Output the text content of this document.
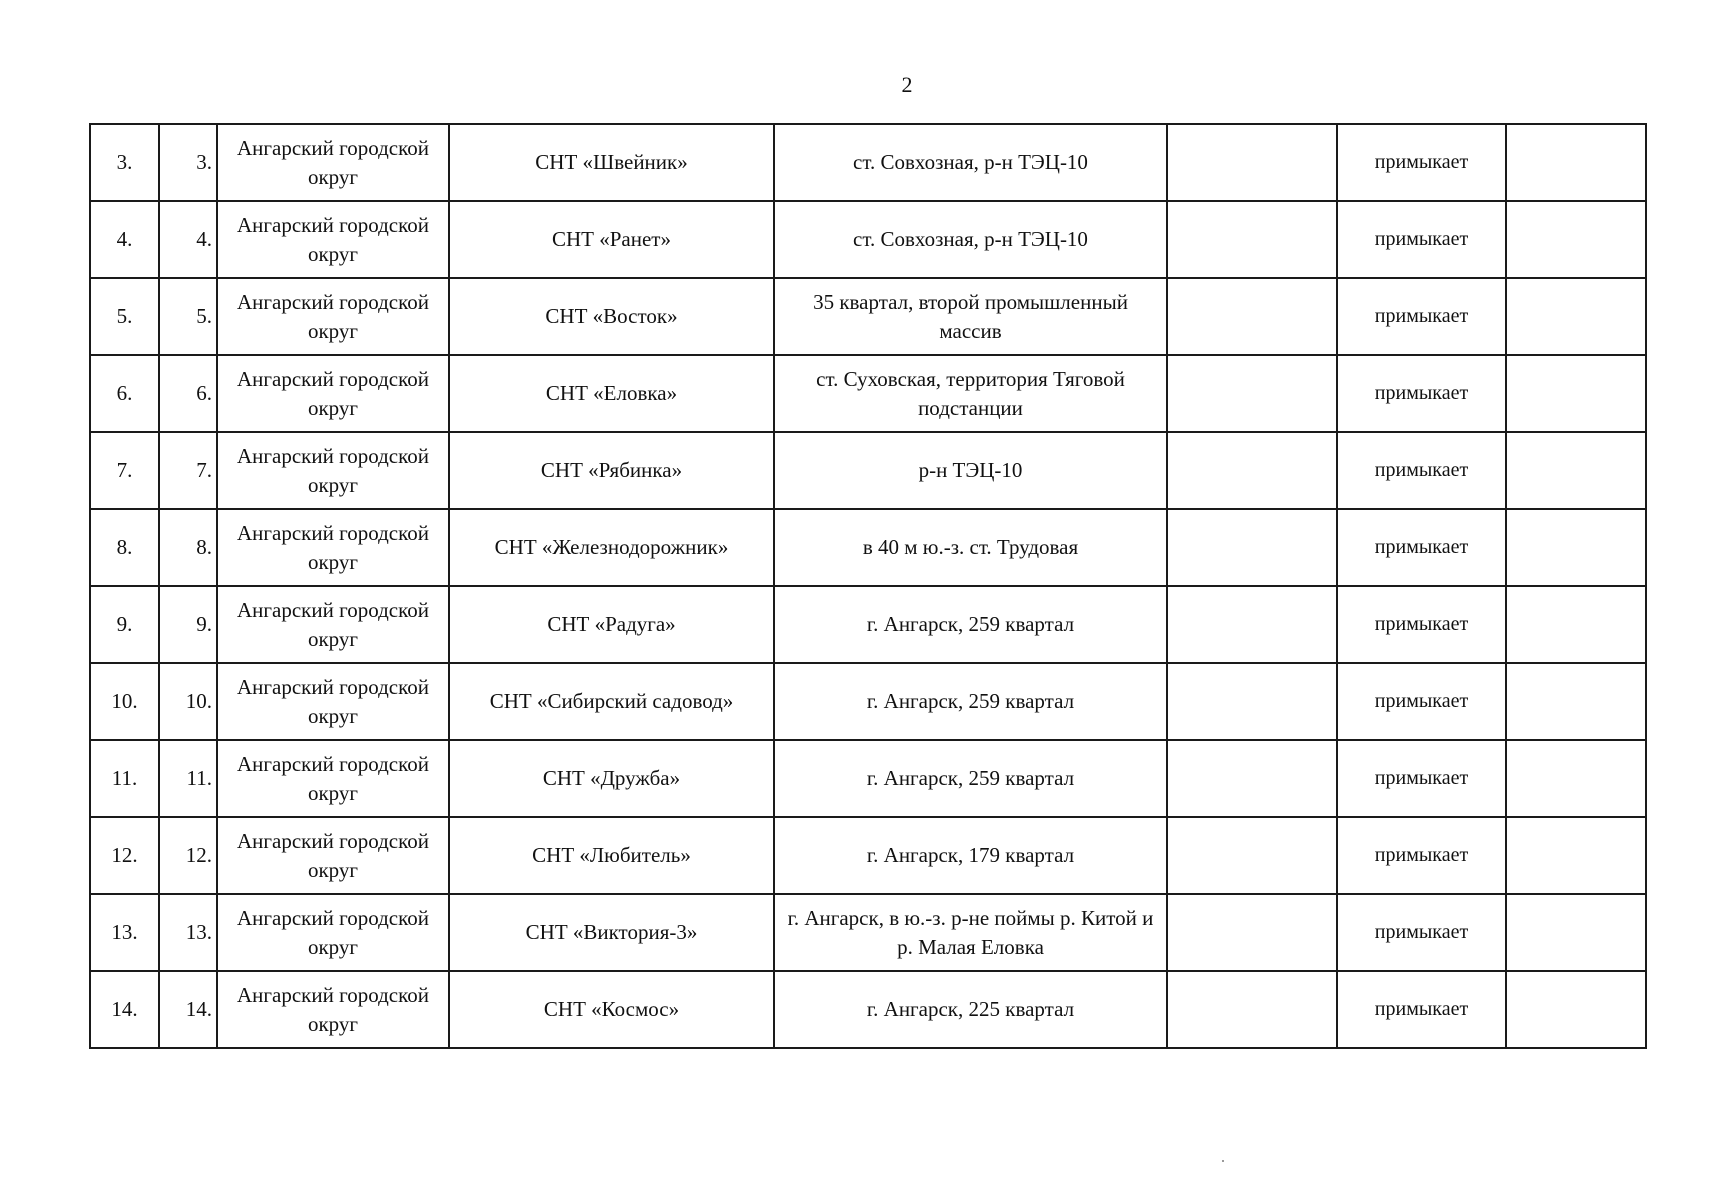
2
3.	3.	Ангарский городской округ	СНТ «Швейник»	ст. Совхозная, р-н ТЭЦ-10		примыкает	
4.	4.	Ангарский городской округ	СНТ «Ранет»	ст. Совхозная, р-н ТЭЦ-10		примыкает	
5.	5.	Ангарский городской округ	СНТ «Восток»	35 квартал, второй промышленный массив		примыкает	
6.	6.	Ангарский городской округ	СНТ «Еловка»	ст. Суховская, территория Тяговой подстанции		примыкает	
7.	7.	Ангарский городской округ	СНТ «Рябинка»	р-н ТЭЦ-10		примыкает	
8.	8.	Ангарский городской округ	СНТ «Железнодорожник»	в 40 м ю.-з. ст. Трудовая		примыкает	
9.	9.	Ангарский городской округ	СНТ «Радуга»	г. Ангарск, 259 квартал		примыкает	
10.	10.	Ангарский городской округ	СНТ «Сибирский садовод»	г. Ангарск, 259 квартал		примыкает	
11.	11.	Ангарский городской округ	СНТ «Дружба»	г. Ангарск, 259 квартал		примыкает	
12.	12.	Ангарский городской округ	СНТ «Любитель»	г. Ангарск, 179 квартал		примыкает	
13.	13.	Ангарский городской округ	СНТ «Виктория-3»	г. Ангарск, в ю.-з. р-не поймы р. Китой и р. Малая Еловка		примыкает	
14.	14.	Ангарский городской округ	СНТ «Космос»	г. Ангарск, 225 квартал		примыкает	
